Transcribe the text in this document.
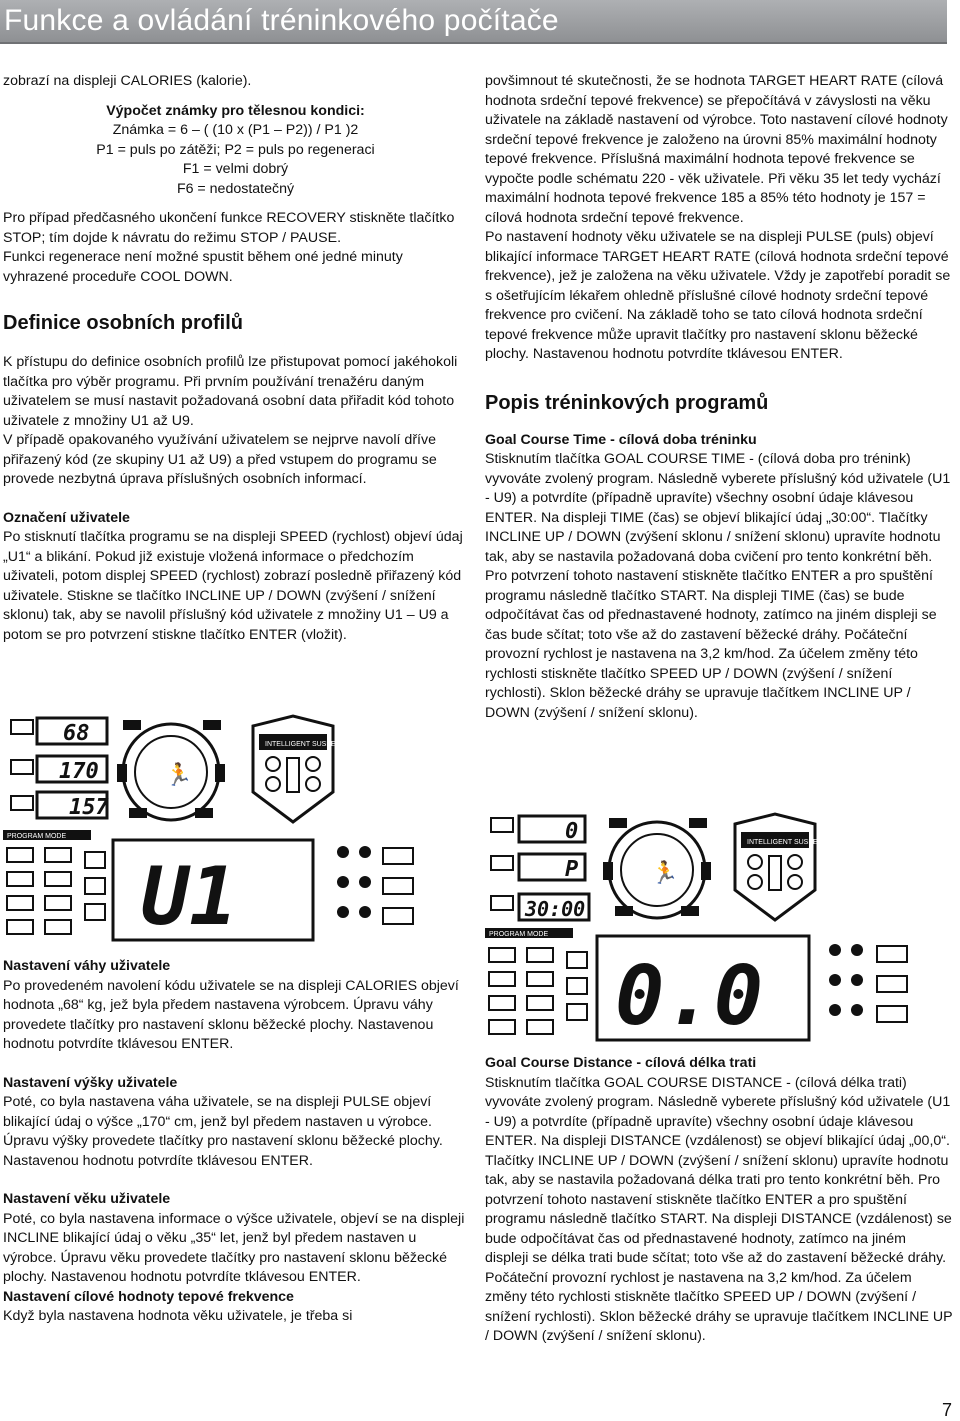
Funkce a ovládání tréninkového počítače

zobrazí na displeji CALORIES (kalorie).

Výpočet známky pro tělesnou kondici:

Známka = 6 – ( (10 x (P1 – P2)) / P1 )2

P1 = puls po zátěži; P2 = puls po regeneraci

F1 = velmi dobrý

F6 = nedostatečný

Pro případ předčasného ukončení funkce RECOVERY stiskněte tlačítko STOP; tím dojde k návratu do režimu STOP / PAUSE.

Funkci regenerace není možné spustit během oné jedné minuty vyhrazené proceduře COOL DOWN.

Definice osobních profilů

K přístupu do definice osobních profilů lze přistupovat pomocí jakéhokoli tlačítka pro výběr programu. Při prvním používání trenažéru daným uživatelem se musí nastavit požadovaná osobní data přiřadit kód tohoto uživatele z množiny U1 až U9.

V případě opakovaného využívání uživatelem se nejprve navolí dříve přiřazený kód (ze skupiny U1 až U9) a před vstupem do programu se provede nezbytná úprava příslušných osobních informací.

Označení uživatele

Po stisknutí tlačítka programu se na displeji SPEED (rychlost) objeví údaj „U1“ a blikání. Pokud již existuje vložená informace o předchozím uživateli, potom displej SPEED (rychlost) zobrazí posledně přiřazený kód uživatele. Stiskne se tlačítko INCLINE UP / DOWN (zvýšení / snížení sklonu) tak, aby se navolil příslušný kód uživatele z množiny U1 – U9 a potom se pro potvrzení stiskne tlačítko ENTER (vložit).

68
170
157
🏃
INTELLIGENT SUSPENSION SYSTEM
PROGRAM MODE
U1

povšimnout té skutečnosti, že se hodnota TARGET HEART RATE (cílová hodnota srdeční tepové frekvence) se přepočítává v závyslosti na věku uživatele na základě nastavení od výrobce. Toto nastavení cílové hodnoty srdeční tepové frekvence je založeno na úrovni 85% maximální hodnoty tepové frekvence. Příslušná maximální hodnota tepové frekvence se vypočte podle schématu 220 - věk uživatele. Při věku 35 let tedy vychází maximální hodnota tepové frekvence 185 a 85% této hodnoty je 157 = cílová hodnota srdeční tepové frekvence.

Po nastavení hodnoty věku uživatele se na displeji PULSE (puls) objeví blikající informace TARGET HEART RATE (cílová hodnota srdeční tepové frekvence), jež je založena na věku uživatele. Vždy je zapotřebí poradit se s ošetřujícím lékařem ohledně příslušné cílové hodnoty srdeční tepové frekvence pro cvičení. Na základě toho se tato cílová hodnota srdeční tepové frekvence může upravit tlačítky pro nastavení sklonu běžecké plochy. Nastavenou hodnotu potvrdíte tklávesou ENTER.

Popis tréninkových programů

Goal Course Time - cílová doba tréninku

Stisknutím tlačítka GOAL COURSE TIME - (cílová doba pro trénink) vyvováte zvolený program. Následně vyberete příslušný kód uživatele (U1 - U9) a potvrdíte (případně upravíte) všechny osobní údaje klávesou ENTER. Na displeji TIME (čas) se objeví blikající údaj „30:00“. Tlačítky INCLINE UP / DOWN (zvýšení sklonu / snížení sklonu) upravíte hodnotu tak, aby se nastavila požadovaná doba cvičení pro tento konkrétní běh. Pro potvrzení tohoto nastavení stiskněte tlačítko ENTER a pro spuštění programu následně tlačítko START. Na displeji TIME (čas) se bude odpočítávat čas od přednastavené hodnoty, zatímco na jiném displeji se čas bude sčítat; toto vše až do zastavení běžecké dráhy. Počáteční provozní rychlost je nastavena na 3,2 km/hod. Za účelem změny této rychlosti stiskněte tlačítko SPEED UP / DOWN (zvýšení / snížení rychlosti). Sklon běžecké dráhy se upravuje tlačítkem INCLINE UP / DOWN (zvýšení / snížení sklonu).

0
P
30:00
🏃
INTELLIGENT SUSPENSION SYSTEM
PROGRAM MODE
0.0

Nastavení váhy uživatele

Po provedeném navolení kódu uživatele se na displeji CALORIES objeví hodnota „68“ kg, jež byla předem nastavena výrobcem. Úpravu váhy provedete tlačítky pro nastavení sklonu běžecké plochy. Nastavenou hodnotu potvrdíte tklávesou ENTER.

Nastavení výšky uživatele

Poté, co byla nastavena váha uživatele, se na displeji PULSE objeví blikající údaj o výšce „170“ cm, jenž byl předem nastaven u výrobce. Úpravu výšky provedete tlačítky pro nastavení sklonu běžecké plochy. Nastavenou hodnotu potvrdíte tklávesou ENTER.

Nastavení věku uživatele

Poté, co byla nastavena informace o výšce uživatele, objeví se na displeji INCLINE blikající údaj o věku „35“ let, jenž byl předem nastaven u výrobce. Úpravu věku provedete tlačítky pro nastavení sklonu běžecké plochy. Nastavenou hodnotu potvrdíte tklávesou ENTER.

Nastavení cílové hodnoty tepové frekvence

Když byla nastavena hodnota věku uživatele, je třeba si

Goal Course Distance - cílová délka trati

Stisknutím tlačítka GOAL COURSE DISTANCE - (cílová délka trati) vyvováte zvolený program. Následně vyberete příslušný kód uživatele (U1 - U9) a potvrdíte (případně upravíte) všechny osobní údaje klávesou ENTER. Na displeji DISTANCE (vzdálenost) se objeví blikající údaj „00,0“. Tlačítky INCLINE UP / DOWN (zvýšení / snížení sklonu) upravíte hodnotu tak, aby se nastavila požadovaná délka trati pro tento konkrétní běh. Pro potvrzení tohoto nastavení stiskněte tlačítko ENTER a pro spuštění programu následně tlačítko START. Na displeji DISTANCE (vzdálenost) se bude odpočítávat čas od přednastavené hodnoty, zatímco na jiném displeji se délka trati bude sčítat; toto vše až do zastavení běžecké dráhy. Počáteční provozní rychlost je nastavena na 3,2 km/hod. Za účelem změny této rychlosti stiskněte tlačítko SPEED UP / DOWN (zvýšení / snížení rychlosti). Sklon běžecké dráhy se upravuje tlačítkem INCLINE UP / DOWN (zvýšení / snížení sklonu).

7
